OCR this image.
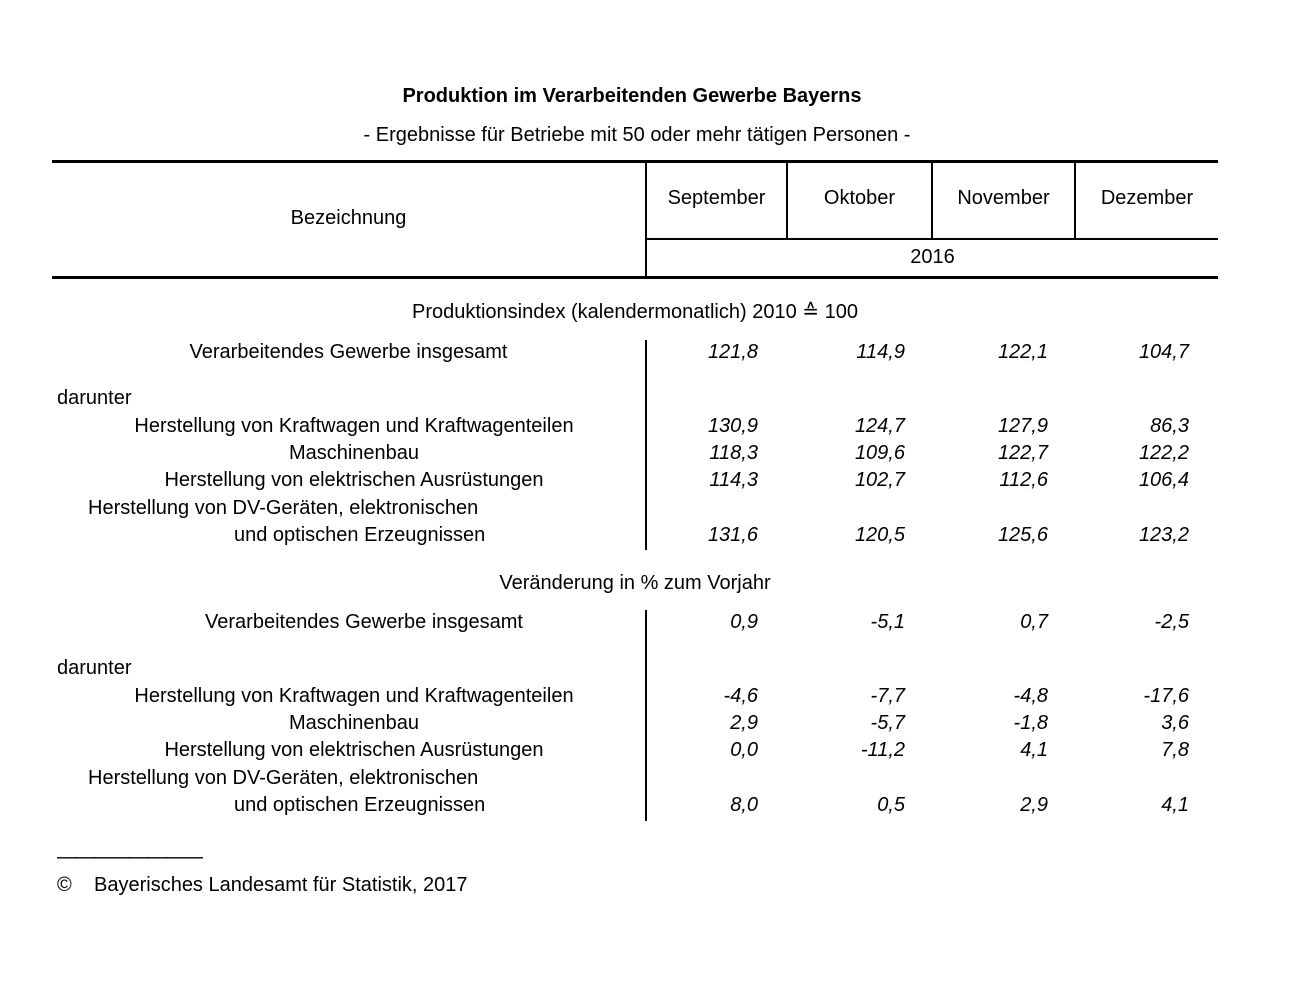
Produktion im Verarbeitenden Gewerbe Bayerns
- Ergebnisse für Betriebe mit 50 oder mehr tätigen Personen -
Bezeichnung
September	Oktober	November	Dezember
2016
Produktionsindex (kalendermonatlich) 2010 ≙ 100
Verarbeitendes Gewerbe insgesamt	121,8	114,9	122,1	104,7
darunter
Herstellung von Kraftwagen und Kraftwagenteilen	130,9	124,7	127,9	86,3
Maschinenbau	118,3	109,6	122,7	122,2
Herstellung von elektrischen Ausrüstungen	114,3	102,7	112,6	106,4
Herstellung von DV-Geräten, elektronischen
und optischen Erzeugnissen	131,6	120,5	125,6	123,2
Veränderung in % zum Vorjahr
Verarbeitendes Gewerbe insgesamt	0,9	-5,1	0,7	-2,5
darunter
Herstellung von Kraftwagen und Kraftwagenteilen	-4,6	-7,7	-4,8	-17,6
Maschinenbau	2,9	-5,7	-1,8	3,6
Herstellung von elektrischen Ausrüstungen	0,0	-11,2	4,1	7,8
Herstellung von DV-Geräten, elektronischen
und optischen Erzeugnissen	8,0	0,5	2,9	4,1
————————
© Bayerisches Landesamt für Statistik, 2017
